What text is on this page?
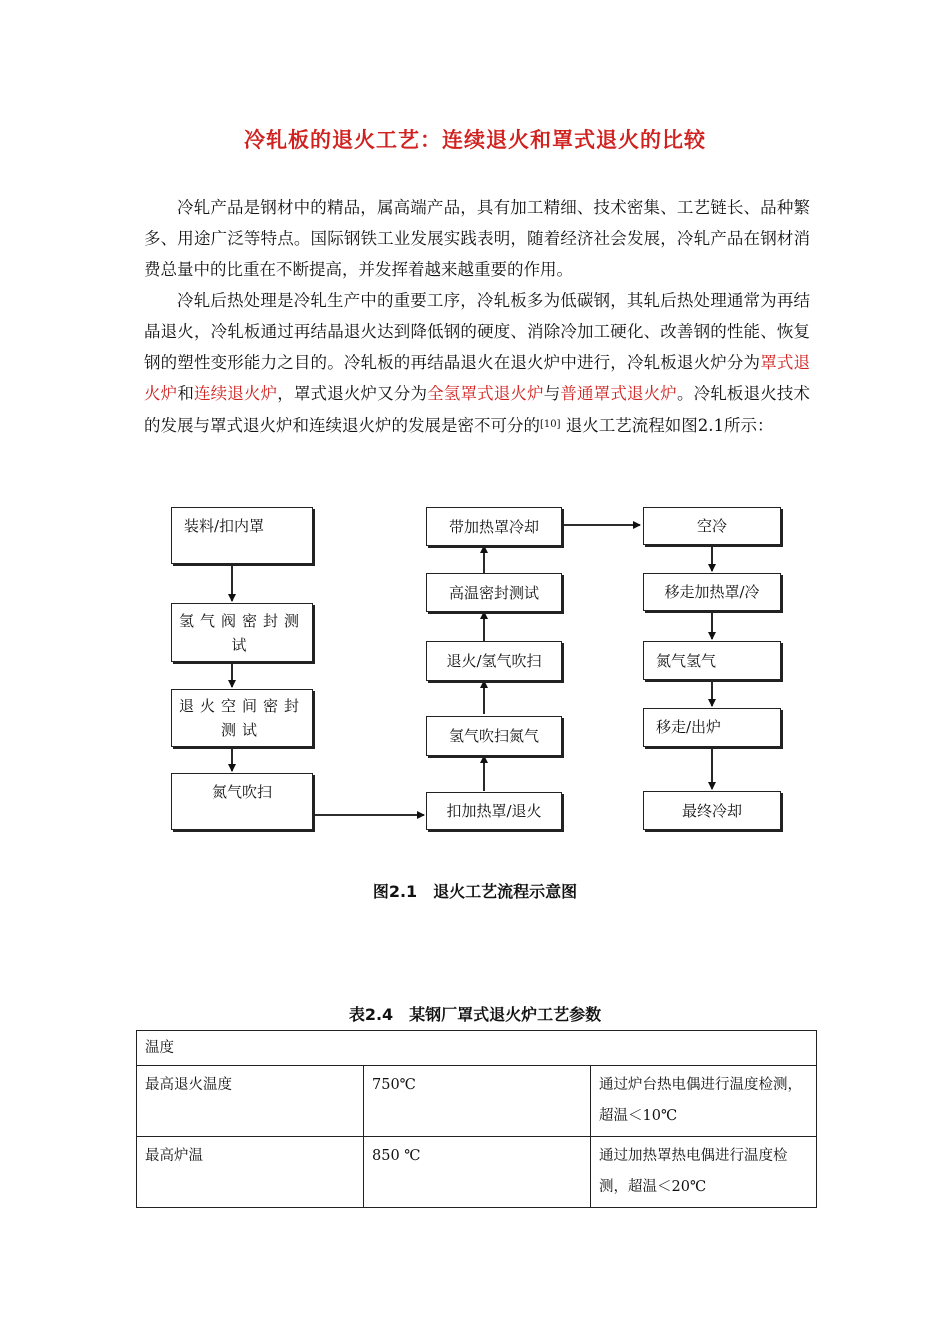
冷轧板的退火工艺：连续退火和罩式退火的比较

冷轧产品是钢材中的精品，属高端产品，具有加工精细、技术密集、工艺链长、品种繁多、用途广泛等特点。国际钢铁工业发展实践表明，随着经济社会发展，冷轧产品在钢材消费总量中的比重在不断提高，并发挥着越来越重要的作用。

冷轧后热处理是冷轧生产中的重要工序，冷轧板多为低碳钢，其轧后热处理通常为再结晶退火，冷轧板通过再结晶退火达到降低钢的硬度、消除冷加工硬化、改善钢的性能、恢复钢的塑性变形能力之目的。冷轧板的再结晶退火在退火炉中进行，冷轧板退火炉分为罩式退火炉和连续退火炉，罩式退火炉又分为全氢罩式退火炉与普通罩式退火炉。冷轧板退火技术的发展与罩式退火炉和连续退火炉的发展是密不可分的[10] 退火工艺流程如图2.1所示：

装料/扣内罩
氢气阀密封测试
退火空间密封测试
氮气吹扫
带加热罩冷却
高温密封测试
退火/氢气吹扫
氢气吹扫氮气
扣加热罩/退火
空冷
移走加热罩/冷
氮气氢气
移走/出炉
最终冷却
图2.1　退火工艺流程示意图
表2.4　某钢厂罩式退火炉工艺参数
温度		
最高退火温度	750℃	通过炉台热电偶进行温度检测，超温＜10℃
最高炉温	850 ℃	通过加热罩热电偶进行温度检测，超温＜20℃
